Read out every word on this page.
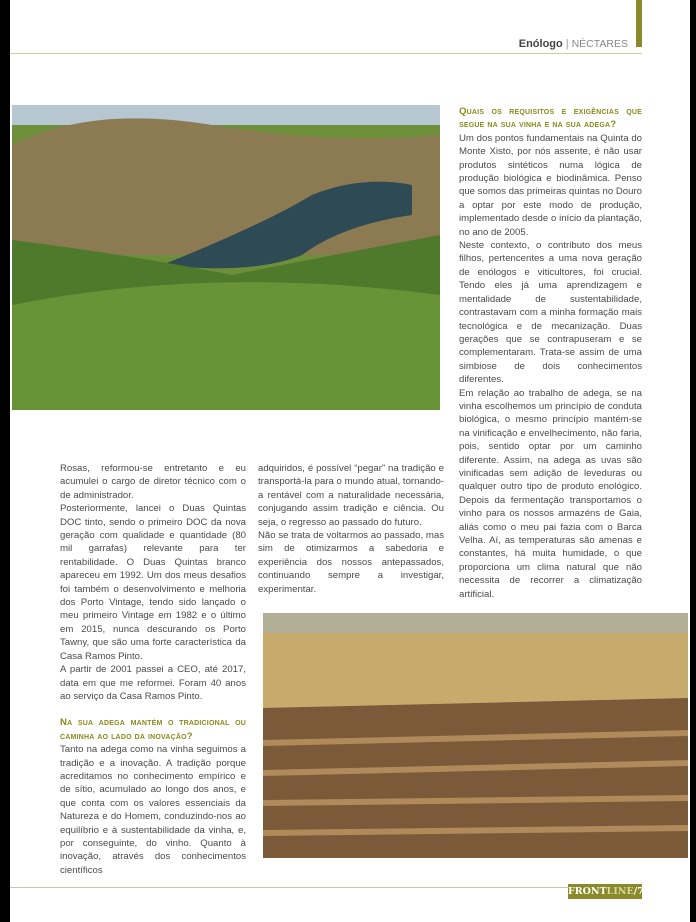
Enólogo | NÉCTARES

Quais os requisitos e exigências que segue na sua vinha e na sua adega?

Um dos pontos fundamentais na Quinta do Monte Xisto, por nós assente, é não usar produtos sintéticos numa lógica de produção biológica e biodinâmica. Penso que somos das primeiras quintas no Douro a optar por este modo de produção, implementado desde o início da plantação, no ano de 2005.

Neste contexto, o contributo dos meus filhos, pertencentes a uma nova geração de enólogos e viticultores, foi crucial. Tendo eles já uma aprendizagem e mentalidade de sustentabilidade, contrastavam com a minha formação mais tecnológica e de mecanização. Duas gerações que se contrapuseram e se complementaram. Trata-se assim de uma simbiose de dois conhecimentos diferentes.

Em relação ao trabalho de adega, se na vinha escolhemos um princípio de conduta biológica, o mesmo princípio mantém-se na vinificação e envelhecimento, não faria, pois, sentido optar por um caminho diferente. Assim, na adega as uvas são vinificadas sem adição de leveduras ou qualquer outro tipo de produto enológico. Depois da fermentação transportamos o vinho para os nossos armazéns de Gaia, aliás como o meu pai fazia com o Barca Velha. Aí, as temperaturas são amenas e constantes, há muita humidade, o que proporciona um clima natural que não necessita de recorrer a climatização artificial.

Rosas, reformou-se entretanto e eu acumulei o cargo de diretor técnico com o de administrador.

Posteriormente, lancei o Duas Quintas DOC tinto, sendo o primeiro DOC da nova geração com qualidade e quantidade (80 mil garrafas) relevante para ter rentabilidade. O Duas Quintas branco apareceu em 1992. Um dos meus desafios foi também o desenvolvimento e melhoria dos Porto Vintage, tendo sido lançado o meu primeiro Vintage em 1982 e o último em 2015, nunca descurando os Porto Tawny, que são uma forte característica da Casa Ramos Pinto.

A partir de 2001 passei a CEO, até 2017, data em que me reformei. Foram 40 anos ao serviço da Casa Ramos Pinto.

Na sua adega mantém o tradicional ou caminha ao lado da inovação?

Tanto na adega como na vinha seguimos a tradição e a inovação. A tradição porque acreditamos no conhecimento empírico e de sítio, acumulado ao longo dos anos, e que conta com os valores essenciais da Natureza e do Homem, conduzindo-nos ao equilíbrio e à sustentabilidade da vinha, e, por conseguinte, do vinho. Quanto à inovação, através dos conhecimentos científicos

adquiridos, é possível “pegar” na tradição e transportá-la para o mundo atual, tornando-a rentável com a naturalidade necessária, conjugando assim tradição e ciência. Ou seja, o regresso ao passado do futuro.

Não se trata de voltarmos ao passado, mas sim de otimizarmos a sabedoria e experiência dos nossos antepassados, continuando sempre a investigar, experimentar.

FRONTLINE/79
